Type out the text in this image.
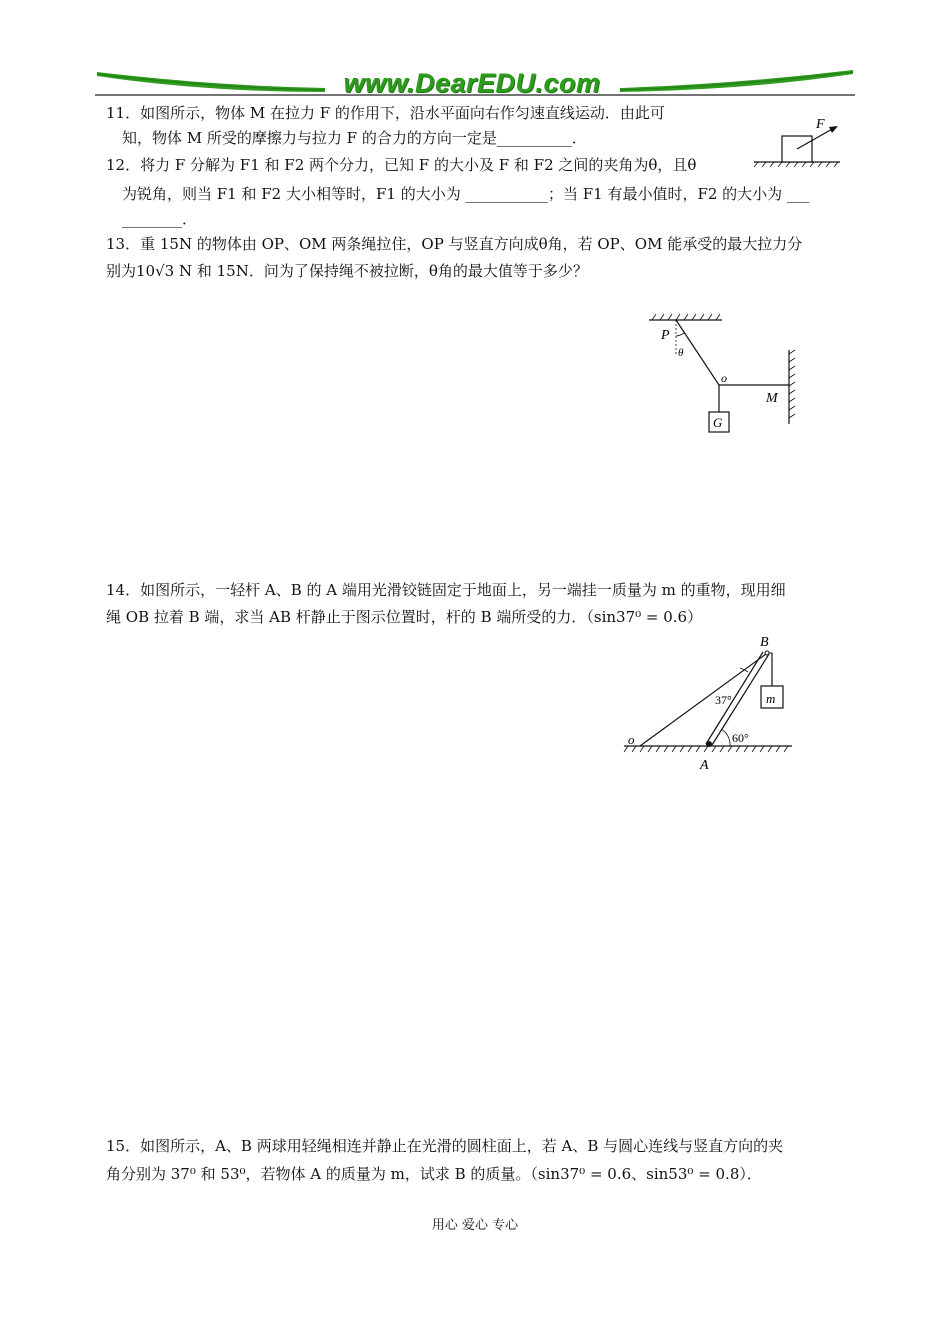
www.DearEDU.com
11．如图所示，物体 M 在拉力 F 的作用下，沿水平面向右作匀速直线运动．由此可
知，物体 M 所受的摩擦力与拉力 F 的合力的方向一定是__________．
F
12．将力 F 分解为 F1 和 F2 两个分力，已知 F 的大小及 F 和 F2 之间的夹角为θ，且θ
为锐角，则当 F1 和 F2 大小相等时，F1 的大小为 ___________；当 F1 有最小值时，F2 的大小为 ___
________．
13．重 15N 的物体由 OP、OM 两条绳拉住，OP 与竖直方向成θ角，若 OP、OM 能承受的最大拉力分
别为10√3 N 和 15N．问为了保持绳不被拉断，θ角的最大值等于多少？
P
θ
o
M
G
14．如图所示，一轻杆 A、B 的 A 端用光滑铰链固定于地面上，另一端挂一质量为 m 的重物，现用细
绳 OB 拉着 B 端，求当 AB 杆静止于图示位置时，杆的 B 端所受的力．（sin37⁰ = 0.6）
B
37°	m
60°
o
A
15．如图所示，A、B 两球用轻绳相连并静止在光滑的圆柱面上，若 A、B 与圆心连线与竖直方向的夹
角分别为 37⁰ 和 53⁰，若物体 A 的质量为 m，试求 B 的质量。（sin37⁰ = 0.6、sin53⁰ = 0.8）．
用心 爱心 专心
